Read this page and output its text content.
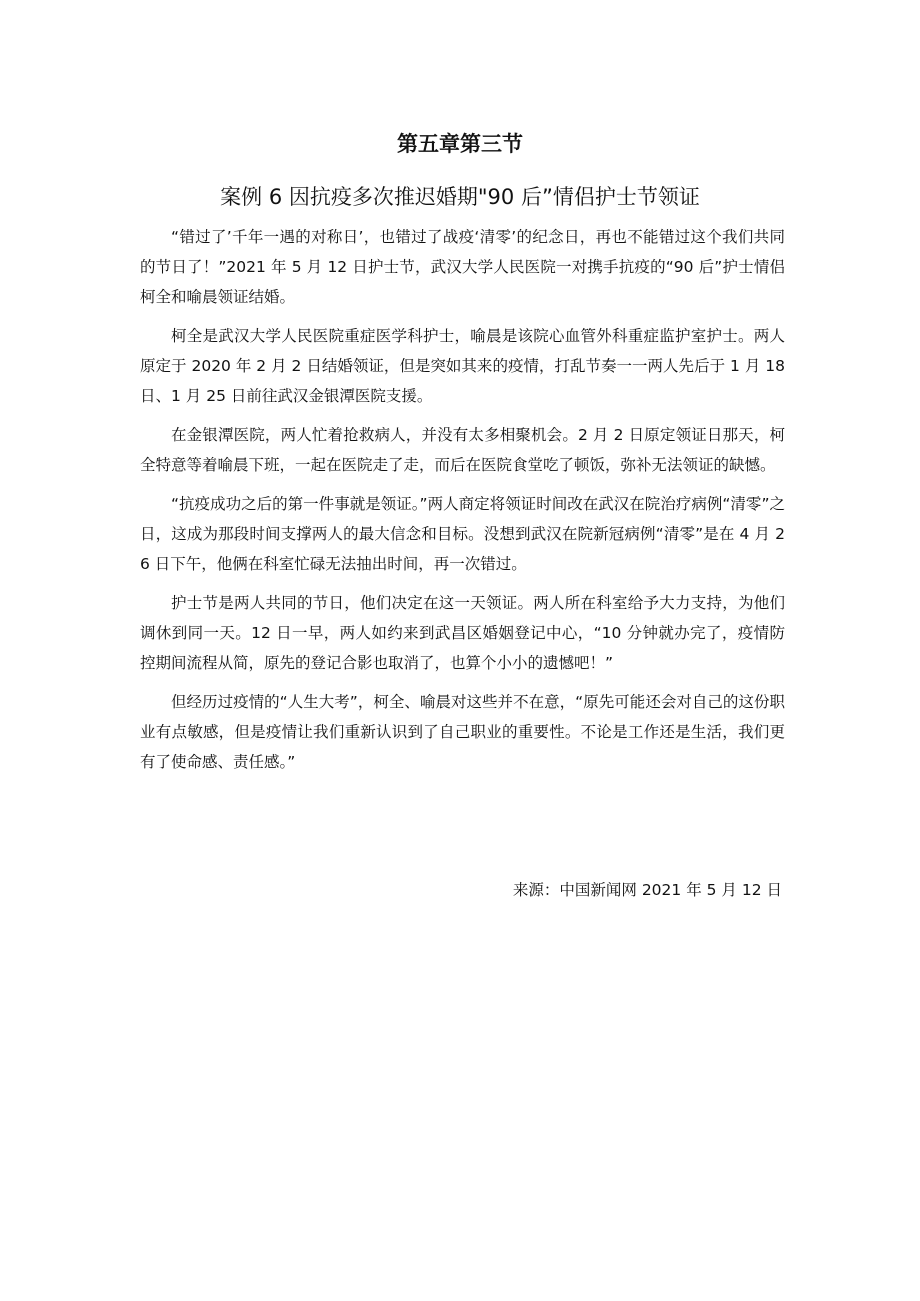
第五章第三节
案例 6 因抗疫多次推迟婚期"90 后”情侣护士节领证

“错过了’千年一遇的对称日’，也错过了战疫‘清零’的纪念日，再也不能错过这个我们共同的节日了！”2021 年 5 月 12 日护士节，武汉大学人民医院一对携手抗疫的“90 后”护士情侣柯全和喻晨领证结婚。

柯全是武汉大学人民医院重症医学科护士，喻晨是该院心血管外科重症监护室护士。两人原定于 2020 年 2 月 2 日结婚领证，但是突如其来的疫情，打乱节奏一一两人先后于 1 月 18 日、1 月 25 日前往武汉金银潭医院支援。

在金银潭医院，两人忙着抢救病人，并没有太多相聚机会。2 月 2 日原定领证日那天，柯全特意等着喻晨下班，一起在医院走了走，而后在医院食堂吃了顿饭，弥补无法领证的缺憾。

“抗疫成功之后的第一件事就是领证。”两人商定将领证时间改在武汉在院治疗病例“清零”之日，这成为那段时间支撑两人的最大信念和目标。没想到武汉在院新冠病例“清零”是在 4 月 26 日下午，他俩在科室忙碌无法抽出时间，再一次错过。

护士节是两人共同的节日，他们决定在这一天领证。两人所在科室给予大力支持，为他们调休到同一天。12 日一早，两人如约来到武昌区婚姻登记中心，“10 分钟就办完了，疫情防控期间流程从简，原先的登记合影也取消了，也算个小小的遗憾吧！”

但经历过疫情的“人生大考”，柯全、喻晨对这些并不在意，“原先可能还会对自己的这份职业有点敏感，但是疫情让我们重新认识到了自己职业的重要性。不论是工作还是生活，我们更有了使命感、责任感。”

来源：中国新闻网 2021 年 5 月 12 日
